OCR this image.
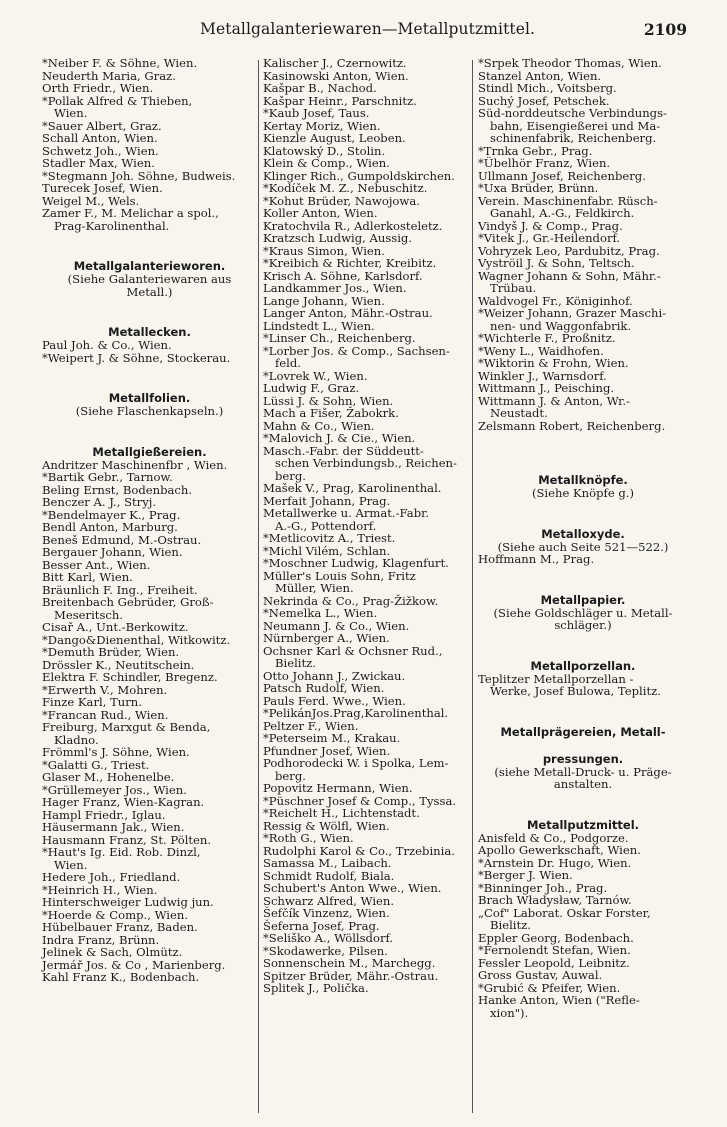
Metallgalanteriewaren—Metallputzmittel.	2109
*Neiber F. & Söhne, Wien.
Neuderth Maria, Graz.
Orth Friedr., Wien.
*Pollak Alfred & Thieben,
Wien.
*Sauer Albert, Graz.
Schall Anton, Wien.
Schwetz Joh., Wien.
Stadler Max, Wien.
*Stegmann Joh. Söhne, Budweis.
Turecek Josef, Wien.
Weigel M., Wels.
Zamer F., M. Melichar a spol.,
Prag-Karolinenthal.
Metallgalanterieworen.
(Siehe Galanteriewaren aus
Metall.)
Metallecken.
Paul Joh. & Co., Wien.
*Weipert J. & Söhne, Stockerau.
Metallfolien.
(Siehe Flaschenkapseln.)
Metallgießereien.
Andritzer Maschinenfbr , Wien.
*Bartik Gebr., Tarnow.
Beling Ernst, Bodenbach.
Benczer A. J., Stryj.
*Bendelmayer K., Prag.
Bendl Anton, Marburg.
Beneš Edmund, M.-Ostrau.
Bergauer Johann, Wien.
Besser Ant., Wien.
Bitt Karl, Wien.
Bräunlich F. Ing., Freiheit.
Breitenbach Gebrüder, Groß-
Meseritsch.
Cisař A., Unt.-Berkowitz.
*Dango&Dienenthal, Witkowitz.
*Demuth Brüder, Wien.
Drössler K., Neutitschein.
Elektra F. Schindler, Bregenz.
*Erwerth V., Mohren.
Finze Karl, Turn.
*Francan Rud., Wien.
Freiburg, Marxgut & Benda,
Kladno.
Frömml's J. Söhne, Wien.
*Galatti G., Triest.
Glaser M., Hohenelbe.
*Grüllemeyer Jos., Wien.
Hager Franz, Wien-Kagran.
Hampl Friedr., Iglau.
Häusermann Jak., Wien.
Hausmann Franz, St. Pölten.
*Haut's Ig. Eid. Rob. Dinzl,
Wien.
Hedere Joh., Friedland.
*Heinrich H., Wien.
Hinterschweiger Ludwig jun.
*Hoerde & Comp., Wien.
Hübelbauer Franz, Baden.
Indra Franz, Brünn.
Jelinek & Sach, Olmütz.
Jermář Jos. & Co , Marienberg.
Kahl Franz K., Bodenbach.
Kalischer J., Czernowitz.
Kasinowski Anton, Wien.
Kašpar B., Nachod.
Kašpar Heinr., Parschnitz.
*Kaub Josef, Taus.
Kertay Moriz, Wien.
Kienzle August, Leoben.
Klatowský D., Stolin.
Klein & Comp., Wien.
Klinger Rich., Gumpoldskirchen.
*Kodíček M. Z., Nebuschitz.
*Kohut Brüder, Nawojowa.
Koller Anton, Wien.
Kratochvila R., Adlerkosteletz.
Kratzsch Ludwig, Aussig.
*Kraus Simon, Wien.
*Kreibich & Richter, Kreibitz.
Krisch A. Söhne, Karlsdorf.
Landkammer Jos., Wien.
Lange Johann, Wien.
Langer Anton, Mähr.-Ostrau.
Lindstedt L., Wien.
*Linser Ch., Reichenberg.
*Lorber Jos. & Comp., Sachsen-
feld.
*Lovrek W., Wien.
Ludwig F., Graz.
Lüssi J. & Sohn, Wien.
Mach a Fišer, Žabokrk.
Mahn & Co., Wien.
*Malovich J. & Cie., Wien.
Masch.-Fabr. der Süddeutt-
schen Verbindungsb., Reichen-
berg.
Mašek V., Prag, Karolinenthal.
Merfait Johann, Prag.
Metallwerke u. Armat.-Fabr.
A.-G., Pottendorf.
*Metlicovitz A., Triest.
*Michl Vilém, Schlan.
*Moschner Ludwig, Klagenfurt.
Müller's Louis Sohn, Fritz
Müller, Wien.
Nekrinda & Co., Prag-Žižkow.
*Nemelka L., Wien.
Neumann J. & Co., Wien.
Nürnberger A., Wien.
Ochsner Karl & Ochsner Rud.,
Bielitz.
Otto Johann J., Zwickau.
Patsch Rudolf, Wien.
Pauls Ferd. Wwe., Wien.
*PelikánJos.Prag,Karolinenthal.
Peltzer F., Wien.
*Peterseim M., Krakau.
Pfundner Josef, Wien.
Podhorodecki W. i Spolka, Lem-
berg.
Popovitz Hermann, Wien.
*Püschner Josef & Comp., Tyssa.
*Reichelt H., Lichtenstadt.
Ressig & Wölfl, Wien.
*Roth G., Wien.
Rudolphi Karol & Co., Trzebinia.
Samassa M., Laibach.
Schmidt Rudolf, Biala.
Schubert's Anton Wwe., Wien.
Schwarz Alfred, Wien.
Šefčík Vinzenz, Wien.
Šeferna Josef, Prag.
*Seliško A., Wöllsdorf.
*Skodawerke, Pilsen.
Sonnenschein M., Marchegg.
Spitzer Brüder, Mähr.-Ostrau.
Splitek J., Polička.
*Srpek Theodor Thomas, Wien.
Stanzel Anton, Wien.
Stindl Mich., Voitsberg.
Suchý Josef, Petschek.
Süd-norddeutsche Verbindungs-
bahn, Eisengießerei und Ma-
schinenfabrik, Reichenberg.
*Trnka Gebr., Prag.
*Übelhör Franz, Wien.
Ullmann Josef, Reichenberg.
*Uxa Brüder, Brünn.
Verein. Maschinenfabr. Rüsch-
Ganahl, A.-G., Feldkirch.
Vindyš J. & Comp., Prag.
*Vitek J., Gr.-Heilendorf.
Vohryzek Leo, Pardubitz, Prag.
Vyströil J. & Sohn, Teltsch.
Wagner Johann & Sohn, Mähr.-
Trübau.
Waldvogel Fr., Königinhof.
*Weizer Johann, Grazer Maschi-
nen- und Waggonfabrik.
*Wichterle F., Proßnitz.
*Weny L., Waidhofen.
*Wiktorin & Frohn, Wien.
Winkler J., Warnsdorf.
Wittmann J., Peisching.
Wittmann J. & Anton, Wr.-
Neustadt.
Zelsmann Robert, Reichenberg.
Metallknöpfe.
(Siehe Knöpfe g.)
Metalloxyde.
(Siehe auch Seite 521—522.)
Hoffmann M., Prag.
Metallpapier.
(Siehe Goldschläger u. Metall-
schläger.)
Metallporzellan.
Teplitzer Metallporzellan -
Werke, Josef Bulowa, Teplitz.
Metallprägereien, Metall-
pressungen.
(siehe Metall-Druck- u. Präge-
anstalten.
Metallputzmittel.
Anisfeld & Co., Podgorze.
Apollo Gewerkschaft, Wien.
*Arnstein Dr. Hugo, Wien.
*Berger J. Wien.
*Binninger Joh., Prag.
Brach Władysław, Tarnów.
„Cof" Laborat. Oskar Forster,
Bielitz.
Eppler Georg, Bodenbach.
*Fernolendt Stefan, Wien.
Fessler Leopold, Leibnitz.
Gross Gustav, Auwal.
*Grubić & Pfeifer, Wien.
Hanke Anton, Wien ("Refle-
xion").
